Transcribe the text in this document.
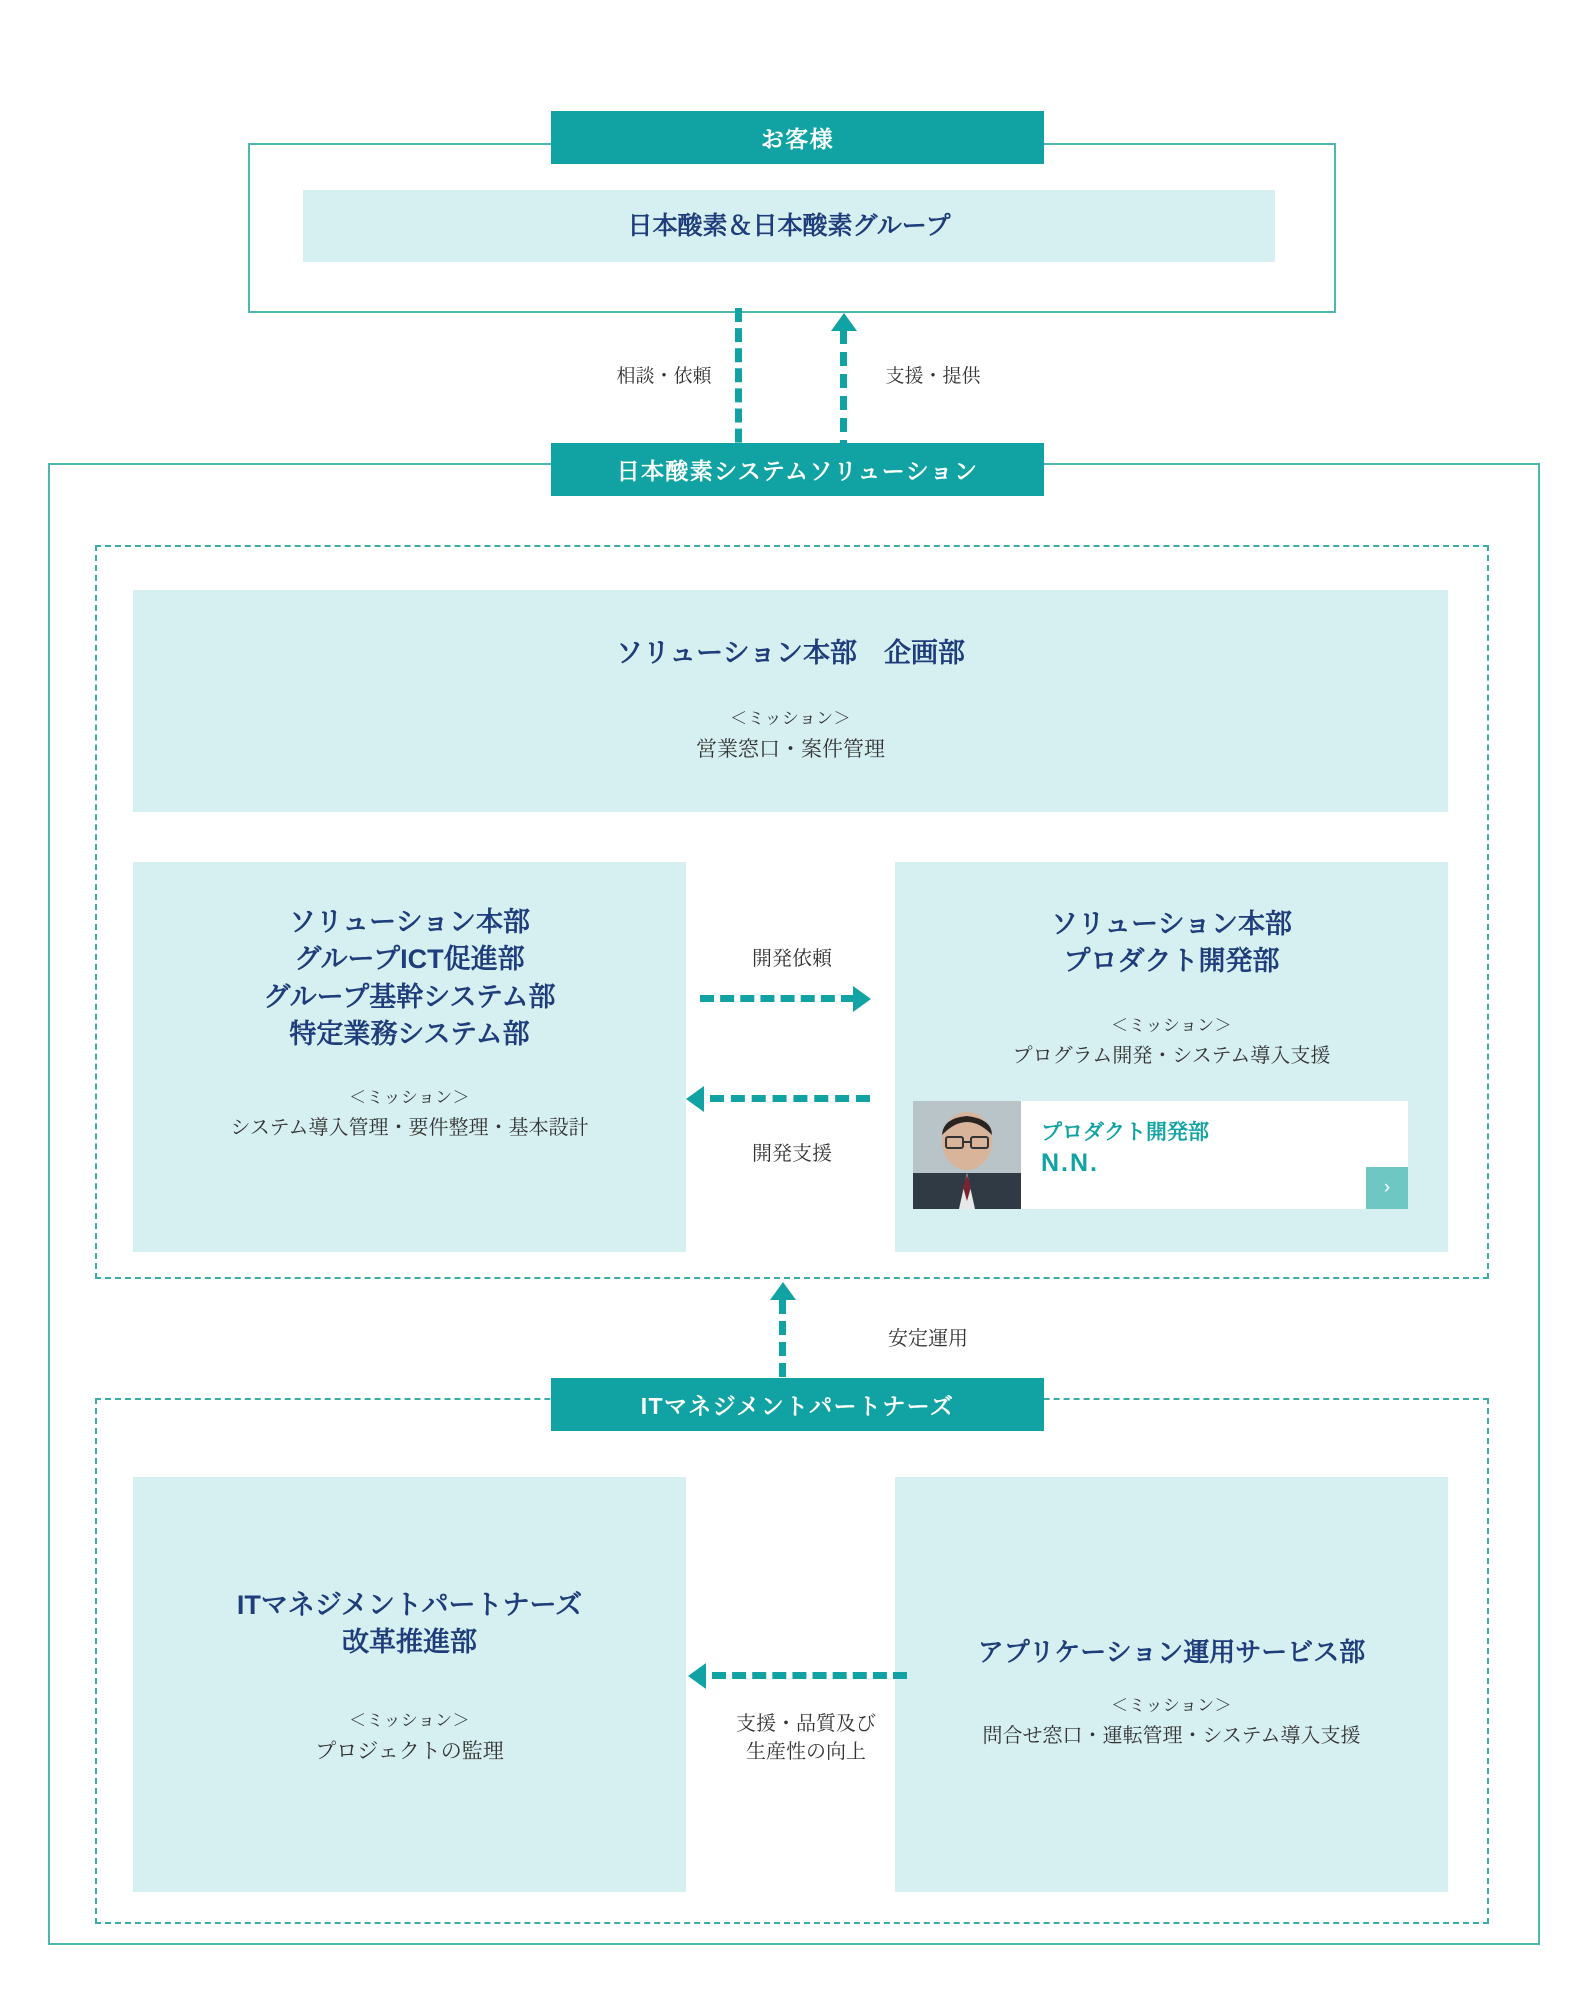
お客様
日本酸素＆日本酸素グループ
相談・依頼	支援・提供
日本酸素システムソリューション
ソリューション本部　企画部
＜ミッション＞
営業窓口・案件管理
ソリューション本部
グループICT促進部
グループ基幹システム部
特定業務システム部
＜ミッション＞
システム導入管理・要件整理・基本設計
ソリューション本部
プロダクト開発部
＜ミッション＞
プログラム開発・システム導入支援
プロダクト開発部
N.N.
›
開発依頼
開発支援
安定運用
ITマネジメントパートナーズ
ITマネジメントパートナーズ
改革推進部
＜ミッション＞
プロジェクトの監理
アプリケーション運用サービス部
＜ミッション＞
問合せ窓口・運転管理・システム導入支援
支援・品質及び
生産性の向上
